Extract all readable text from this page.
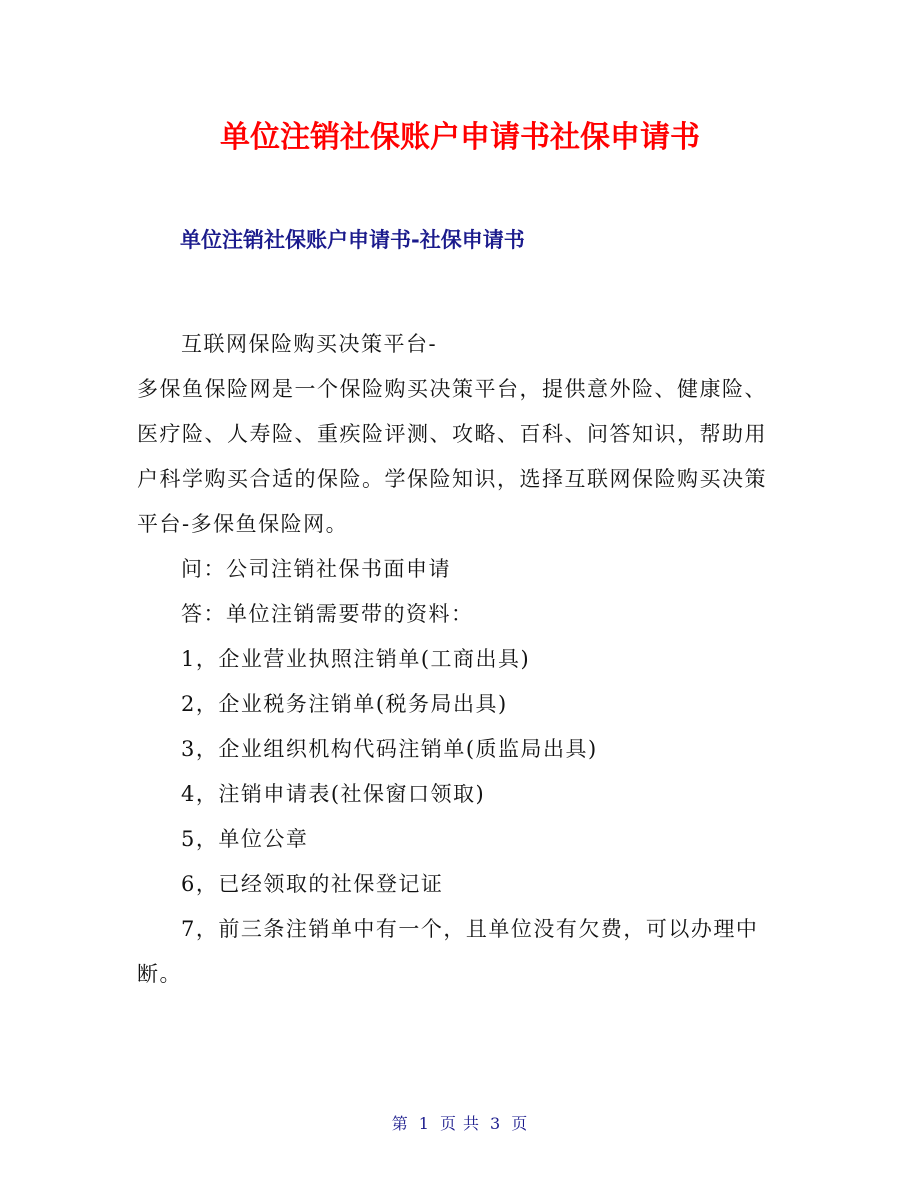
单位注销社保账户申请书社保申请书
单位注销社保账户申请书-社保申请书

互联网保险购买决策平台-

多保鱼保险网是一个保险购买决策平台，提供意外险、健康险、医疗险、人寿险、重疾险评测、攻略、百科、问答知识，帮助用户科学购买合适的保险。学保险知识，选择互联网保险购买决策平台-多保鱼保险网。

问：公司注销社保书面申请

答：单位注销需要带的资料：

1，企业营业执照注销单(工商出具)

2，企业税务注销单(税务局出具)

3，企业组织机构代码注销单(质监局出具)

4，注销申请表(社保窗口领取)

5，单位公章

6，已经领取的社保登记证

7，前三条注销单中有一个，且单位没有欠费，可以办理中断。

第 1 页 共 3 页
